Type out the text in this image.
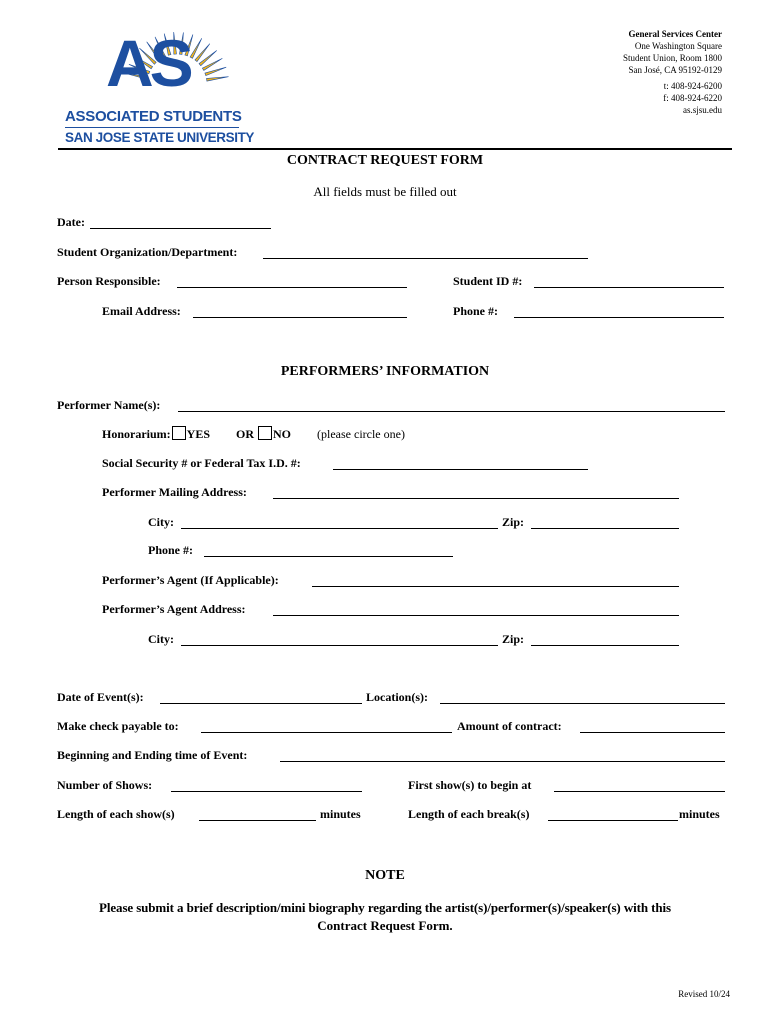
AS
ASSOCIATED STUDENTS
SAN JOSE STATE UNIVERSITY
General Services Center
One Washington Square
Student Union, Room 1800
San José, CA 95192-0129
t: 408-924-6200
f: 408-924-6220
as.sjsu.edu
CONTRACT REQUEST FORM
All fields must be filled out
Date:
Student Organization/Department:
Person Responsible:	Student ID #:
Email Address:	Phone #:
PERFORMERS’ INFORMATION
Performer Name(s):
Honorarium: YES OR NO (please circle one)
Social Security # or Federal Tax I.D. #:
Performer Mailing Address:
City:	Zip:
Phone #:
Performer’s Agent (If Applicable):
Performer’s Agent Address:
City:	Zip:
Date of Event(s):	Location(s):
Make check payable to:	Amount of contract:
Beginning and Ending time of Event:
Number of Shows:	First show(s) to begin at
Length of each show(s)	minutes	Length of each break(s)	minutes
NOTE
Please submit a brief description/mini biography regarding the artist(s)/performer(s)/speaker(s) with this
Contract Request Form.
Revised 10/24
